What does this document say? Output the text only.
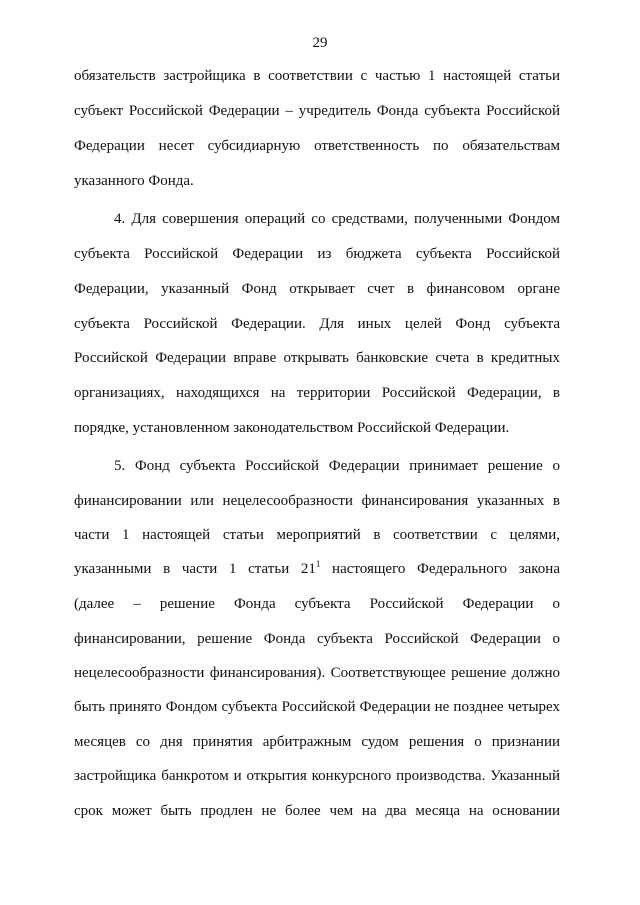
29
обязательств застройщика в соответствии с частью 1 настоящей статьи
субъект Российской Федерации – учредитель Фонда субъекта Российской
Федерации несет субсидиарную ответственность по обязательствам
указанного Фонда.
4. Для совершения операций со средствами, полученными Фондом
субъекта Российской Федерации из бюджета субъекта Российской
Федерации, указанный Фонд открывает счет в финансовом органе
субъекта Российской Федерации. Для иных целей Фонд субъекта
Российской Федерации вправе открывать банковские счета в кредитных
организациях, находящихся на территории Российской Федерации, в
порядке, установленном законодательством Российской Федерации.
5. Фонд субъекта Российской Федерации принимает решение о
финансировании или нецелесообразности финансирования указанных в
части 1 настоящей статьи мероприятий в соответствии с целями,
указанными в части 1 статьи $21^1$ настоящего Федерального закона
(далее – решение Фонда субъекта Российской Федерации о
финансировании, решение Фонда субъекта Российской Федерации о
нецелесообразности финансирования). Соответствующее решение должно
быть принято Фондом субъекта Российской Федерации не позднее четырех
месяцев со дня принятия арбитражным судом решения о признании
застройщика банкротом и открытия конкурсного производства. Указанный
срок может быть продлен не более чем на два месяца на основании
